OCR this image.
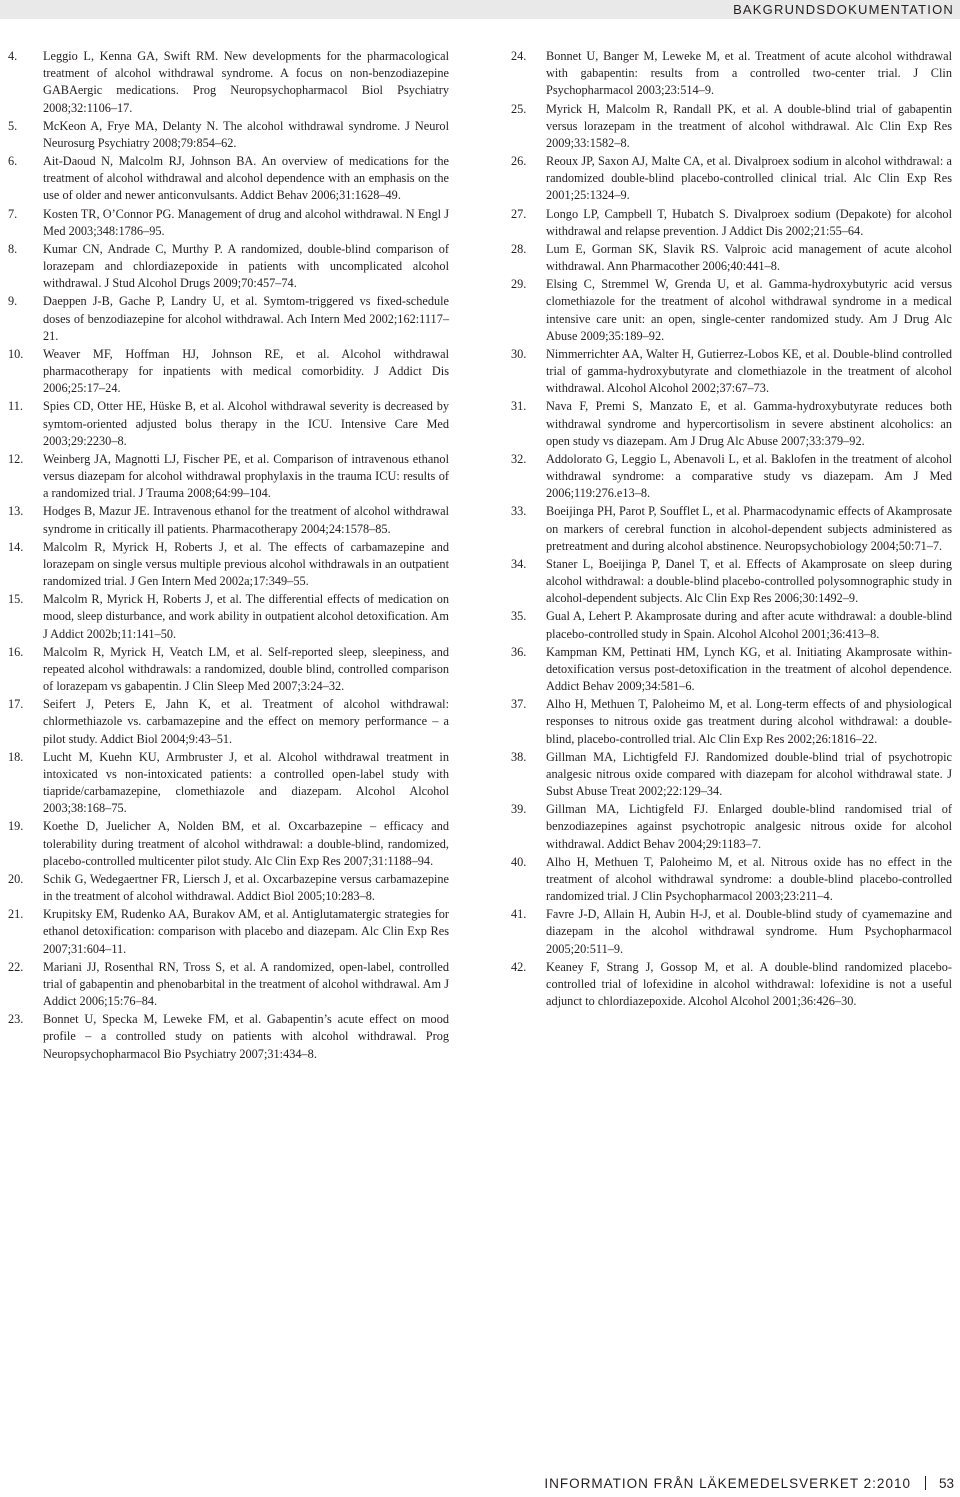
BAKGRUNDSDOKUMENTATION
4. Leggio L, Kenna GA, Swift RM. New developments for the pharmacological treatment of alcohol withdrawal syndrome. A focus on non-benzodiazepine GABAergic medications. Prog Neuropsychopharmacol Biol Psychiatry 2008;32:1106–17.
5. McKeon A, Frye MA, Delanty N. The alcohol withdrawal syndrome. J Neurol Neurosurg Psychiatry 2008;79:854–62.
6. Ait-Daoud N, Malcolm RJ, Johnson BA. An overview of medications for the treatment of alcohol withdrawal and alcohol dependence with an emphasis on the use of older and newer anticonvulsants. Addict Behav 2006;31:1628–49.
7. Kosten TR, O’Connor PG. Management of drug and alcohol withdrawal. N Engl J Med 2003;348:1786–95.
8. Kumar CN, Andrade C, Murthy P. A randomized, double-blind comparison of lorazepam and chlordiazepoxide in patients with uncomplicated alcohol withdrawal. J Stud Alcohol Drugs 2009;70:457–74.
9. Daeppen J-B, Gache P, Landry U, et al. Symtom-triggered vs fixed-schedule doses of benzodiazepine for alcohol withdrawal. Ach Intern Med 2002;162:1117–21.
10. Weaver MF, Hoffman HJ, Johnson RE, et al. Alcohol withdrawal pharmacotherapy for inpatients with medical comorbidity. J Addict Dis 2006;25:17–24.
11. Spies CD, Otter HE, Hüske B, et al. Alcohol withdrawal severity is decreased by symtom-oriented adjusted bolus therapy in the ICU. Intensive Care Med 2003;29:2230–8.
12. Weinberg JA, Magnotti LJ, Fischer PE, et al. Comparison of intravenous ethanol versus diazepam for alcohol withdrawal prophylaxis in the trauma ICU: results of a randomized trial. J Trauma 2008;64:99–104.
13. Hodges B, Mazur JE. Intravenous ethanol for the treatment of alcohol withdrawal syndrome in critically ill patients. Pharmacotherapy 2004;24:1578–85.
14. Malcolm R, Myrick H, Roberts J, et al. The effects of carbamazepine and lorazepam on single versus multiple previous alcohol withdrawals in an outpatient randomized trial. J Gen Intern Med 2002a;17:349–55.
15. Malcolm R, Myrick H, Roberts J, et al. The differential effects of medication on mood, sleep disturbance, and work ability in outpatient alcohol detoxification. Am J Addict 2002b;11:141–50.
16. Malcolm R, Myrick H, Veatch LM, et al. Self-reported sleep, sleepiness, and repeated alcohol withdrawals: a randomized, double blind, controlled comparison of lorazepam vs gabapentin. J Clin Sleep Med 2007;3:24–32.
17. Seifert J, Peters E, Jahn K, et al. Treatment of alcohol withdrawal: chlormethiazole vs. carbamazepine and the effect on memory performance – a pilot study. Addict Biol 2004;9:43–51.
18. Lucht M, Kuehn KU, Armbruster J, et al. Alcohol withdrawal treatment in intoxicated vs non-intoxicated patients: a controlled open-label study with tiapride/carbamazepine, clomethiazole and diazepam. Alcohol Alcohol 2003;38:168–75.
19. Koethe D, Juelicher A, Nolden BM, et al. Oxcarbazepine – efficacy and tolerability during treatment of alcohol withdrawal: a double-blind, randomized, placebo-controlled multicenter pilot study. Alc Clin Exp Res 2007;31:1188–94.
20. Schik G, Wedegaertner FR, Liersch J, et al. Oxcarbazepine versus carbamazepine in the treatment of alcohol withdrawal. Addict Biol 2005;10:283–8.
21. Krupitsky EM, Rudenko AA, Burakov AM, et al. Antiglutamatergic strategies for ethanol detoxification: comparison with placebo and diazepam. Alc Clin Exp Res 2007;31:604–11.
22. Mariani JJ, Rosenthal RN, Tross S, et al. A randomized, open-label, controlled trial of gabapentin and phenobarbital in the treatment of alcohol withdrawal. Am J Addict 2006;15:76–84.
23. Bonnet U, Specka M, Leweke FM, et al. Gabapentin’s acute effect on mood profile – a controlled study on patients with alcohol withdrawal. Prog Neuropsychopharmacol Bio Psychiatry 2007;31:434–8.
24. Bonnet U, Banger M, Leweke M, et al. Treatment of acute alcohol withdrawal with gabapentin: results from a controlled two-center trial. J Clin Psychopharmacol 2003;23:514–9.
25. Myrick H, Malcolm R, Randall PK, et al. A double-blind trial of gabapentin versus lorazepam in the treatment of alcohol withdrawal. Alc Clin Exp Res 2009;33:1582–8.
26. Reoux JP, Saxon AJ, Malte CA, et al. Divalproex sodium in alcohol withdrawal: a randomized double-blind placebo-controlled clinical trial. Alc Clin Exp Res 2001;25:1324–9.
27. Longo LP, Campbell T, Hubatch S. Divalproex sodium (Depakote) for alcohol withdrawal and relapse prevention. J Addict Dis 2002;21:55–64.
28. Lum E, Gorman SK, Slavik RS. Valproic acid management of acute alcohol withdrawal. Ann Pharmacother 2006;40:441–8.
29. Elsing C, Stremmel W, Grenda U, et al. Gamma-hydroxybutyric acid versus clomethiazole for the treatment of alcohol withdrawal syndrome in a medical intensive care unit: an open, single-center randomized study. Am J Drug Alc Abuse 2009;35:189–92.
30. Nimmerrichter AA, Walter H, Gutierrez-Lobos KE, et al. Double-blind controlled trial of gamma-hydroxybutyrate and clomethiazole in the treatment of alcohol withdrawal. Alcohol Alcohol 2002;37:67–73.
31. Nava F, Premi S, Manzato E, et al. Gamma-hydroxybutyrate reduces both withdrawal syndrome and hypercortisolism in severe abstinent alcoholics: an open study vs diazepam. Am J Drug Alc Abuse 2007;33:379–92.
32. Addolorato G, Leggio L, Abenavoli L, et al. Baklofen in the treatment of alcohol withdrawal syndrome: a comparative study vs diazepam. Am J Med 2006;119:276.e13–8.
33. Boeijinga PH, Parot P, Soufflet L, et al. Pharmacodynamic effects of Akamprosate on markers of cerebral function in alcohol-dependent subjects administered as pretreatment and during alcohol abstinence. Neuropsychobiology 2004;50:71–7.
34. Staner L, Boeijinga P, Danel T, et al. Effects of Akamprosate on sleep during alcohol withdrawal: a double-blind placebo-controlled polysomnographic study in alcohol-dependent subjects. Alc Clin Exp Res 2006;30:1492–9.
35. Gual A, Lehert P. Akamprosate during and after acute withdrawal: a double-blind placebo-controlled study in Spain. Alcohol Alcohol 2001;36:413–8.
36. Kampman KM, Pettinati HM, Lynch KG, et al. Initiating Akamprosate within-detoxification versus post-detoxification in the treatment of alcohol dependence. Addict Behav 2009;34:581–6.
37. Alho H, Methuen T, Paloheimo M, et al. Long-term effects of and physiological responses to nitrous oxide gas treatment during alcohol withdrawal: a double-blind, placebo-controlled trial. Alc Clin Exp Res 2002;26:1816–22.
38. Gillman MA, Lichtigfeld FJ. Randomized double-blind trial of psychotropic analgesic nitrous oxide compared with diazepam for alcohol withdrawal state. J Subst Abuse Treat 2002;22:129–34.
39. Gillman MA, Lichtigfeld FJ. Enlarged double-blind randomised trial of benzodiazepines against psychotropic analgesic nitrous oxide for alcohol withdrawal. Addict Behav 2004;29:1183–7.
40. Alho H, Methuen T, Paloheimo M, et al. Nitrous oxide has no effect in the treatment of alcohol withdrawal syndrome: a double-blind placebo-controlled randomized trial. J Clin Psychopharmacol 2003;23:211–4.
41. Favre J-D, Allain H, Aubin H-J, et al. Double-blind study of cyamemazine and diazepam in the alcohol withdrawal syndrome. Hum Psychopharmacol 2005;20:511–9.
42. Keaney F, Strang J, Gossop M, et al. A double-blind randomized placebo-controlled trial of lofexidine in alcohol withdrawal: lofexidine is not a useful adjunct to chlordiazepoxide. Alcohol Alcohol 2001;36:426–30.
INFORMATION FRÅN LÄKEMEDELSVERKET 2:2010 53
